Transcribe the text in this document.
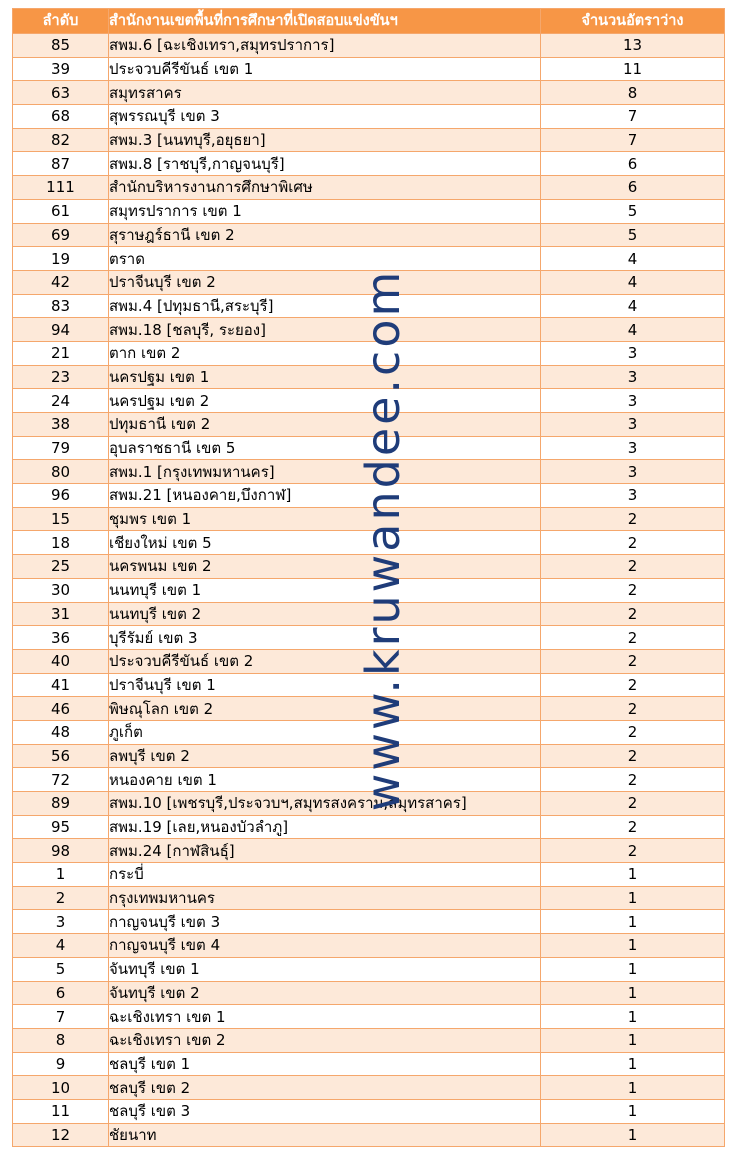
ลำดับ	สำนักงานเขตพื้นที่การศึกษาที่เปิดสอบแข่งขันฯ	จำนวนอัตราว่าง
85	สพม.6 [ฉะเชิงเทรา,สมุทรปราการ]	13
39	ประจวบคีรีขันธ์ เขต 1	11
63	สมุทรสาคร	8
68	สุพรรณบุรี เขต 3	7
82	สพม.3 [นนทบุรี,อยุธยา]	7
87	สพม.8 [ราชบุรี,กาญจนบุรี]	6
111	สำนักบริหารงานการศึกษาพิเศษ	6
61	สมุทรปราการ เขต 1	5
69	สุราษฎร์ธานี เขต 2	5
19	ตราด	4
42	ปราจีนบุรี เขต 2	4
83	สพม.4 [ปทุมธานี,สระบุรี]	4
94	สพม.18 [ชลบุรี, ระยอง]	4
21	ตาก เขต 2	3
23	นครปฐม เขต 1	3
24	นครปฐม เขต 2	3
38	ปทุมธานี เขต 2	3
79	อุบลราชธานี เขต 5	3
80	สพม.1 [กรุงเทพมหานคร]	3
96	สพม.21 [หนองคาย,บึงกาฬ]	3
15	ชุมพร เขต 1	2
18	เชียงใหม่ เขต 5	2
25	นครพนม เขต 2	2
30	นนทบุรี เขต 1	2
31	นนทบุรี เขต 2	2
36	บุรีรัมย์ เขต 3	2
40	ประจวบคีรีขันธ์ เขต 2	2
41	ปราจีนบุรี เขต 1	2
46	พิษณุโลก เขต 2	2
48	ภูเก็ต	2
56	ลพบุรี เขต 2	2
72	หนองคาย เขต 1	2
89	สพม.10 [เพชรบุรี,ประจวบฯ,สมุทรสงคราม,สมุทรสาคร]	2
95	สพม.19 [เลย,หนองบัวลำภู]	2
98	สพม.24 [กาฬสินธุ์]	2
1	กระบี่	1
2	กรุงเทพมหานคร	1
3	กาญจนบุรี เขต 3	1
4	กาญจนบุรี เขต 4	1
5	จันทบุรี เขต 1	1
6	จันทบุรี เขต 2	1
7	ฉะเชิงเทรา เขต 1	1
8	ฉะเชิงเทรา เขต 2	1
9	ชลบุรี เขต 1	1
10	ชลบุรี เขต 2	1
11	ชลบุรี เขต 3	1
12	ชัยนาท	1
www.kruwandee.com
